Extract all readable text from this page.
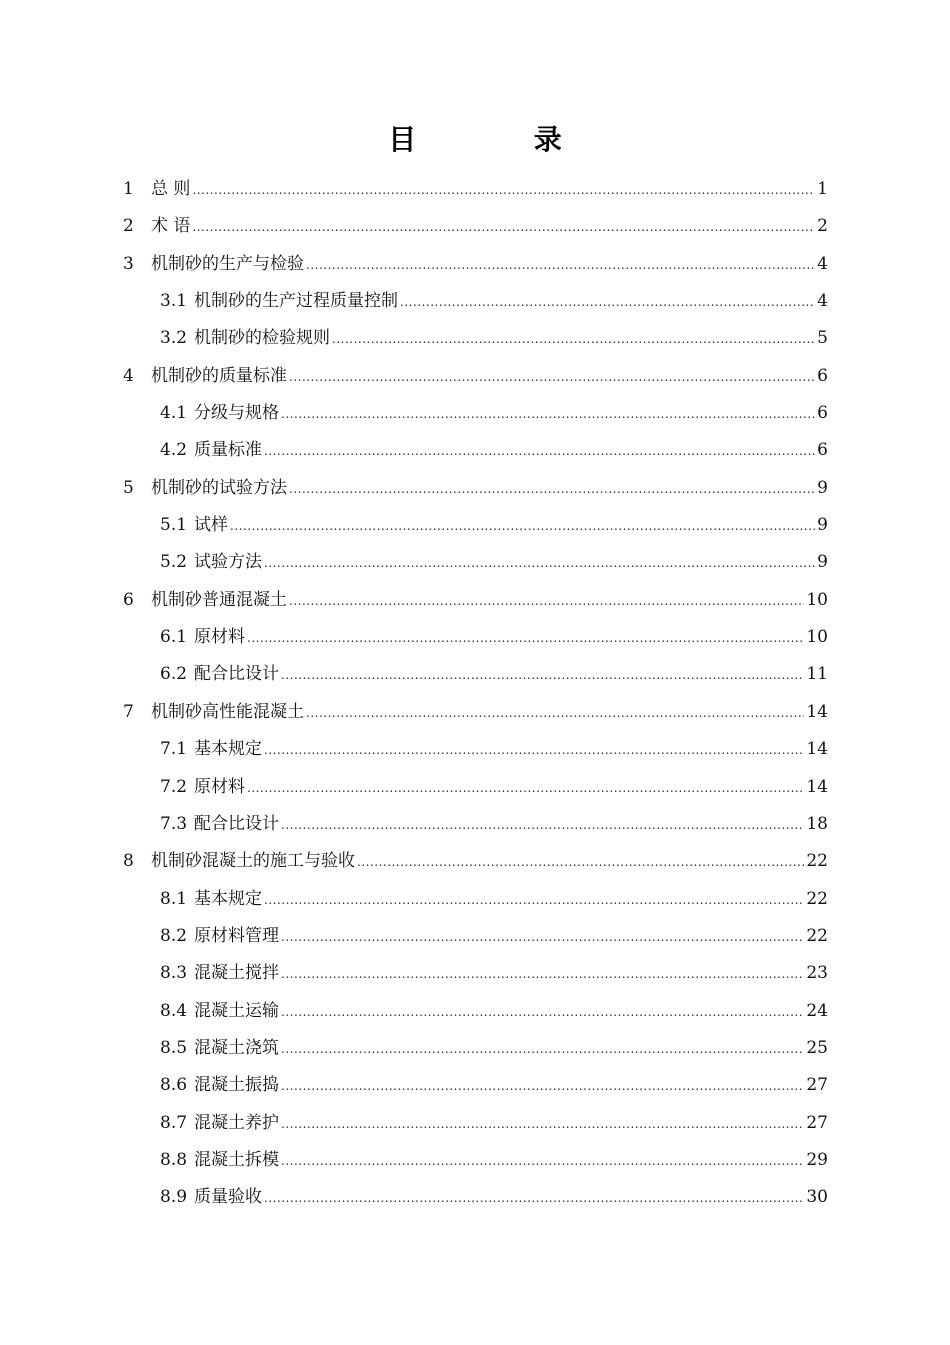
目　录
1	总 则 .....	1
2	术 语 .....	2
3	机制砂的生产与检验 .....	4
3.1 机制砂的生产过程质量控制 .....	4
3.2 机制砂的检验规则 .....	5
4	机制砂的质量标准 .....	6
4.1 分级与规格 .....	6
4.2 质量标准 .....	6
5	机制砂的试验方法 .....	9
5.1 试样 .....	9
5.2 试验方法 .....	9
6	机制砂普通混凝土 .....	10
6.1 原材料 .....	10
6.2 配合比设计 .....	11
7	机制砂高性能混凝土 .....	14
7.1 基本规定 .....	14
7.2 原材料 .....	14
7.3 配合比设计 .....	18
8	机制砂混凝土的施工与验收 .....	22
8.1 基本规定 .....	22
8.2 原材料管理 .....	22
8.3 混凝土搅拌 .....	23
8.4 混凝土运输 .....	24
8.5 混凝土浇筑 .....	25
8.6 混凝土振捣 .....	27
8.7 混凝土养护 .....	27
8.8 混凝土拆模 .....	29
8.9 质量验收 .....	30
